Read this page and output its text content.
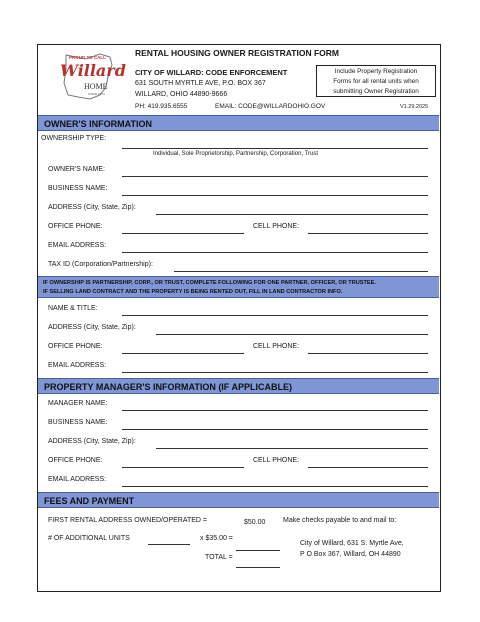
PROUD TO CALL
Willard
HOME
SINCE 1874
RENTAL HOUSING OWNER REGISTRATION FORM
CITY OF WILLARD: CODE ENFORCEMENT
631 SOUTH MYRTLE AVE, P.O. BOX 367
WILLARD, OHIO 44890-9666
PH: 419.935.6555	EMAIL: CODE@WILLARDOHIO.GOV	V1.29.2025
Include Property Registration
Forms for all rental units when
submitting Owner Registration
OWNER'S INFORMATION
OWNERSHIP TYPE:
Individual, Sole Proprietorship, Partnership, Corporation, Trust
OWNER'S NAME:
BUSINESS NAME:
ADDRESS (City, State, Zip):
OFFICE PHONE:	CELL PHONE:
EMAIL ADDRESS:
TAX ID (Corporation/Partnership):
IF OWNERSHIP IS PARTNERSHIP, CORP., OR TRUST, COMPLETE FOLLOWING FOR ONE PARTNER, OFFICER, OR TRUSTEE.
IF SELLING LAND CONTRACT AND THE PROPERTY IS BEING RENTED OUT, FILL IN LAND CONTRACTOR INFO.
NAME & TITLE:
ADDRESS (City, State, Zip):
OFFICE PHONE:	CELL PHONE:
EMAIL ADDRESS:
PROPERTY MANAGER'S INFORMATION (IF APPLICABLE)
MANAGER NAME:
BUSINESS NAME:
ADDRESS (City, State, Zip):
OFFICE PHONE:	CELL PHONE:
EMAIL ADDRESS:
FEES AND PAYMENT
FIRST RENTAL ADDRESS OWNED/OPERATED =	$50.00	Make checks payable to and mail to:
# OF ADDITIONAL UNITS	x $35.00 =
TOTAL =
City of Willard, 631 S. Myrtle Ave,
P O Box 367, Willard, OH 44890
